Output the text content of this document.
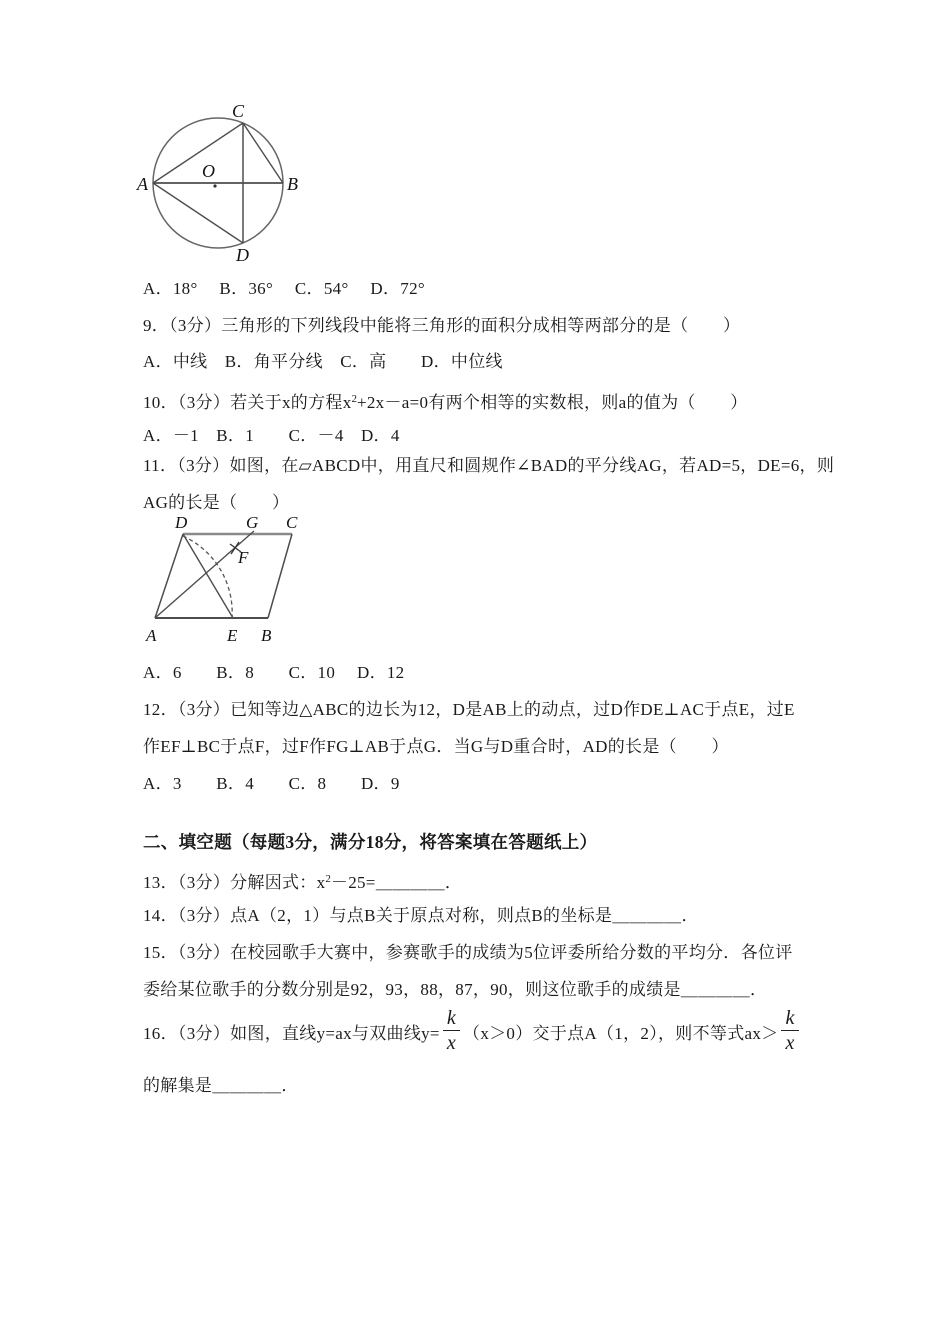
A	B
C
D
O
A．18°　 B．36°　 C．54°　 D．72°
9．（3分）三角形的下列线段中能将三角形的面积分成相等两部分的是（　　）
A．中线　B．角平分线　C．高　　D．中位线
10．（3分）若关于x的方程$x^2+2x-a=0$有两个相等的实数根，则a的值为（　　）
A．－1　B．1　　C．－4　D．4
11．（3分）如图，在▱ABCD中，用直尺和圆规作∠BAD的平分线AG，若AD=5，DE=6，则
AG的长是（　　）
D	G C
F
A	E B
A．6　　B．8　　C．10　 D．12
12．（3分）已知等边△ABC的边长为12，D是AB上的动点，过D作DE⊥AC于点E，过E
作EF⊥BC于点F，过F作FG⊥AB于点G．当G与D重合时，AD的长是（　　）
A．3　　B．4　　C．8　　D．9
二、填空题（每题3分，满分18分，将答案填在答题纸上）
13．（3分）分解因式：$x^2-25=\_\_\_\_$．
14．（3分）点A（2，1）与点B关于原点对称，则点B的坐标是＿＿＿＿．
15．（3分）在校园歌手大赛中，参赛歌手的成绩为5位评委所给分数的平均分．各位评
委给某位歌手的分数分别是92，93，88，87，90，则这位歌手的成绩是＿＿＿＿．
16．（3分）如图，直线y=ax与双曲线$y= \frac{k}{x} (x>0)$交于点A（1，2），则不等式$ax> \frac{k}{x}$
的解集是＿＿＿＿．
